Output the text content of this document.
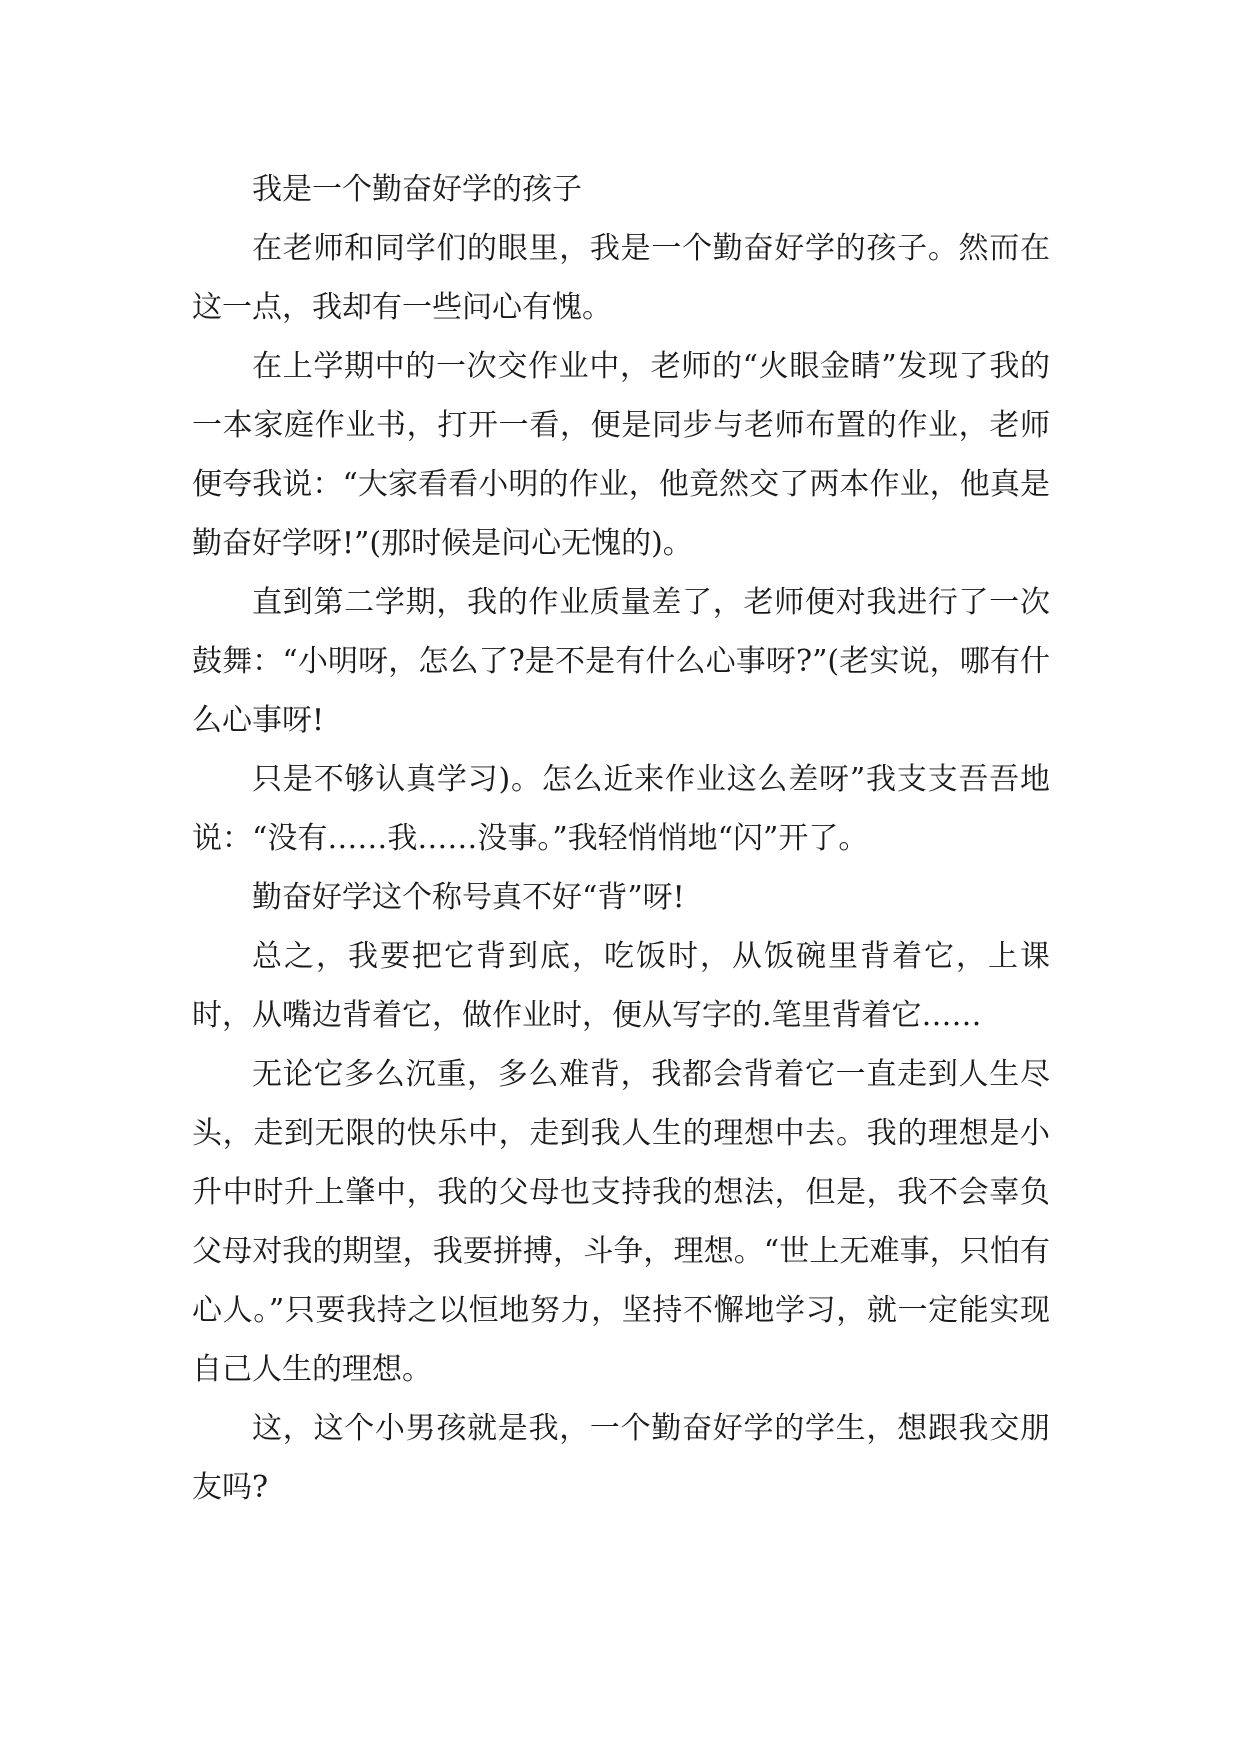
我是一个勤奋好学的孩子

在老师和同学们的眼里，我是一个勤奋好学的孩子。然而在这一点，我却有一些问心有愧。

在上学期中的一次交作业中，老师的“火眼金睛”发现了我的一本家庭作业书，打开一看，便是同步与老师布置的作业，老师便夸我说：“大家看看小明的作业，他竟然交了两本作业，他真是勤奋好学呀!”(那时候是问心无愧的)。

直到第二学期，我的作业质量差了，老师便对我进行了一次鼓舞：“小明呀，怎么了?是不是有什么心事呀?”(老实说，哪有什么心事呀!

只是不够认真学习)。怎么近来作业这么差呀”我支支吾吾地说：“没有……我……没事。”我轻悄悄地“闪”开了。

勤奋好学这个称号真不好“背”呀!

总之，我要把它背到底，吃饭时，从饭碗里背着它，上课时，从嘴边背着它，做作业时，便从写字的.笔里背着它……

无论它多么沉重，多么难背，我都会背着它一直走到人生尽头，走到无限的快乐中，走到我人生的理想中去。我的理想是小升中时升上肇中，我的父母也支持我的想法，但是，我不会辜负父母对我的期望，我要拼搏，斗争，理想。“世上无难事，只怕有心人。”只要我持之以恒地努力，坚持不懈地学习，就一定能实现自己人生的理想。

这，这个小男孩就是我，一个勤奋好学的学生，想跟我交朋友吗?
